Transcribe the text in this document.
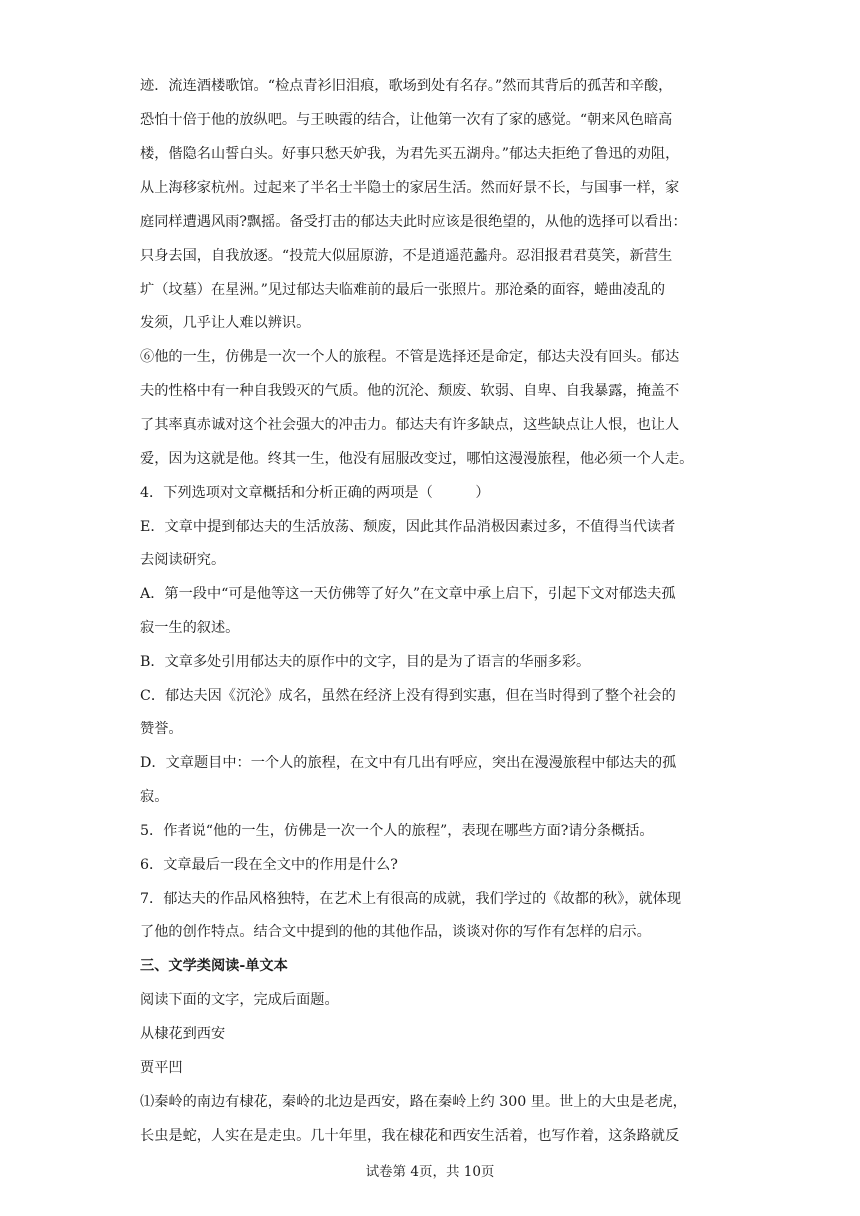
迹．流连酒楼歌馆。“检点青衫旧泪痕，歌场到处有名存。”然而其背后的孤苦和辛酸，
恐怕十倍于他的放纵吧。与王映霞的结合，让他第一次有了家的感觉。“朝来风色暗高
楼，偕隐名山誓白头。好事只愁天妒我，为君先买五湖舟。”郁达夫拒绝了鲁迅的劝阻，
从上海移家杭州。过起来了半名士半隐士的家居生活。然而好景不长，与国事一样，家
庭同样遭遇风雨?飘摇。备受打击的郁达夫此时应该是很绝望的，从他的选择可以看出：
只身去国，自我放逐。“投荒大似屈原游，不是逍遥范蠡舟。忍泪报君君莫笑，新营生
圹（坟墓）在星洲。”见过郁达夫临难前的最后一张照片。那沧桑的面容，蜷曲凌乱的
发须，几乎让人难以辨识。
⑥他的一生，仿佛是一次一个人的旅程。不管是选择还是命定，郁达夫没有回头。郁达
夫的性格中有一种自我毁灭的气质。他的沉沦、颓废、软弱、自卑、自我暴露，掩盖不
了其率真赤诚对这个社会强大的冲击力。郁达夫有许多缺点，这些缺点让人恨，也让人
爱，因为这就是他。终其一生，他没有屈服改变过，哪怕这漫漫旅程，他必须一个人走。
4．下列选项对文章概括和分析正确的两项是（　　　）
E．文章中提到郁达夫的生活放荡、颓废，因此其作品消极因素过多，不值得当代读者
去阅读研究。
A．第一段中“可是他等这一天仿佛等了好久”在文章中承上启下，引起下文对郁迭夫孤
寂一生的叙述。
B．文章多处引用郁达夫的原作中的文字，目的是为了语言的华丽多彩。
C．郁达夫因《沉沦》成名，虽然在经济上没有得到实惠，但在当时得到了整个社会的
赞誉。
D．文章题目中：一个人的旅程，在文中有几出有呼应，突出在漫漫旅程中郁达夫的孤
寂。
5．作者说“他的一生，仿佛是一次一个人的旅程”，表现在哪些方面?请分条概括。
6．文章最后一段在全文中的作用是什么?
7．郁达夫的作品风格独特，在艺术上有很高的成就，我们学过的《故都的秋》，就体现
了他的创作特点。结合文中提到的他的其他作品，谈谈对你的写作有怎样的启示。
三、文学类阅读-单文本
阅读下面的文字，完成后面题。
从棣花到西安
贾平凹
⑴秦岭的南边有棣花，秦岭的北边是西安，路在秦岭上约 300 里。世上的大虫是老虎，
长虫是蛇，人实在是走虫。几十年里，我在棣花和西安生活着，也写作着，这条路就反
试卷第 4页，共 10页
